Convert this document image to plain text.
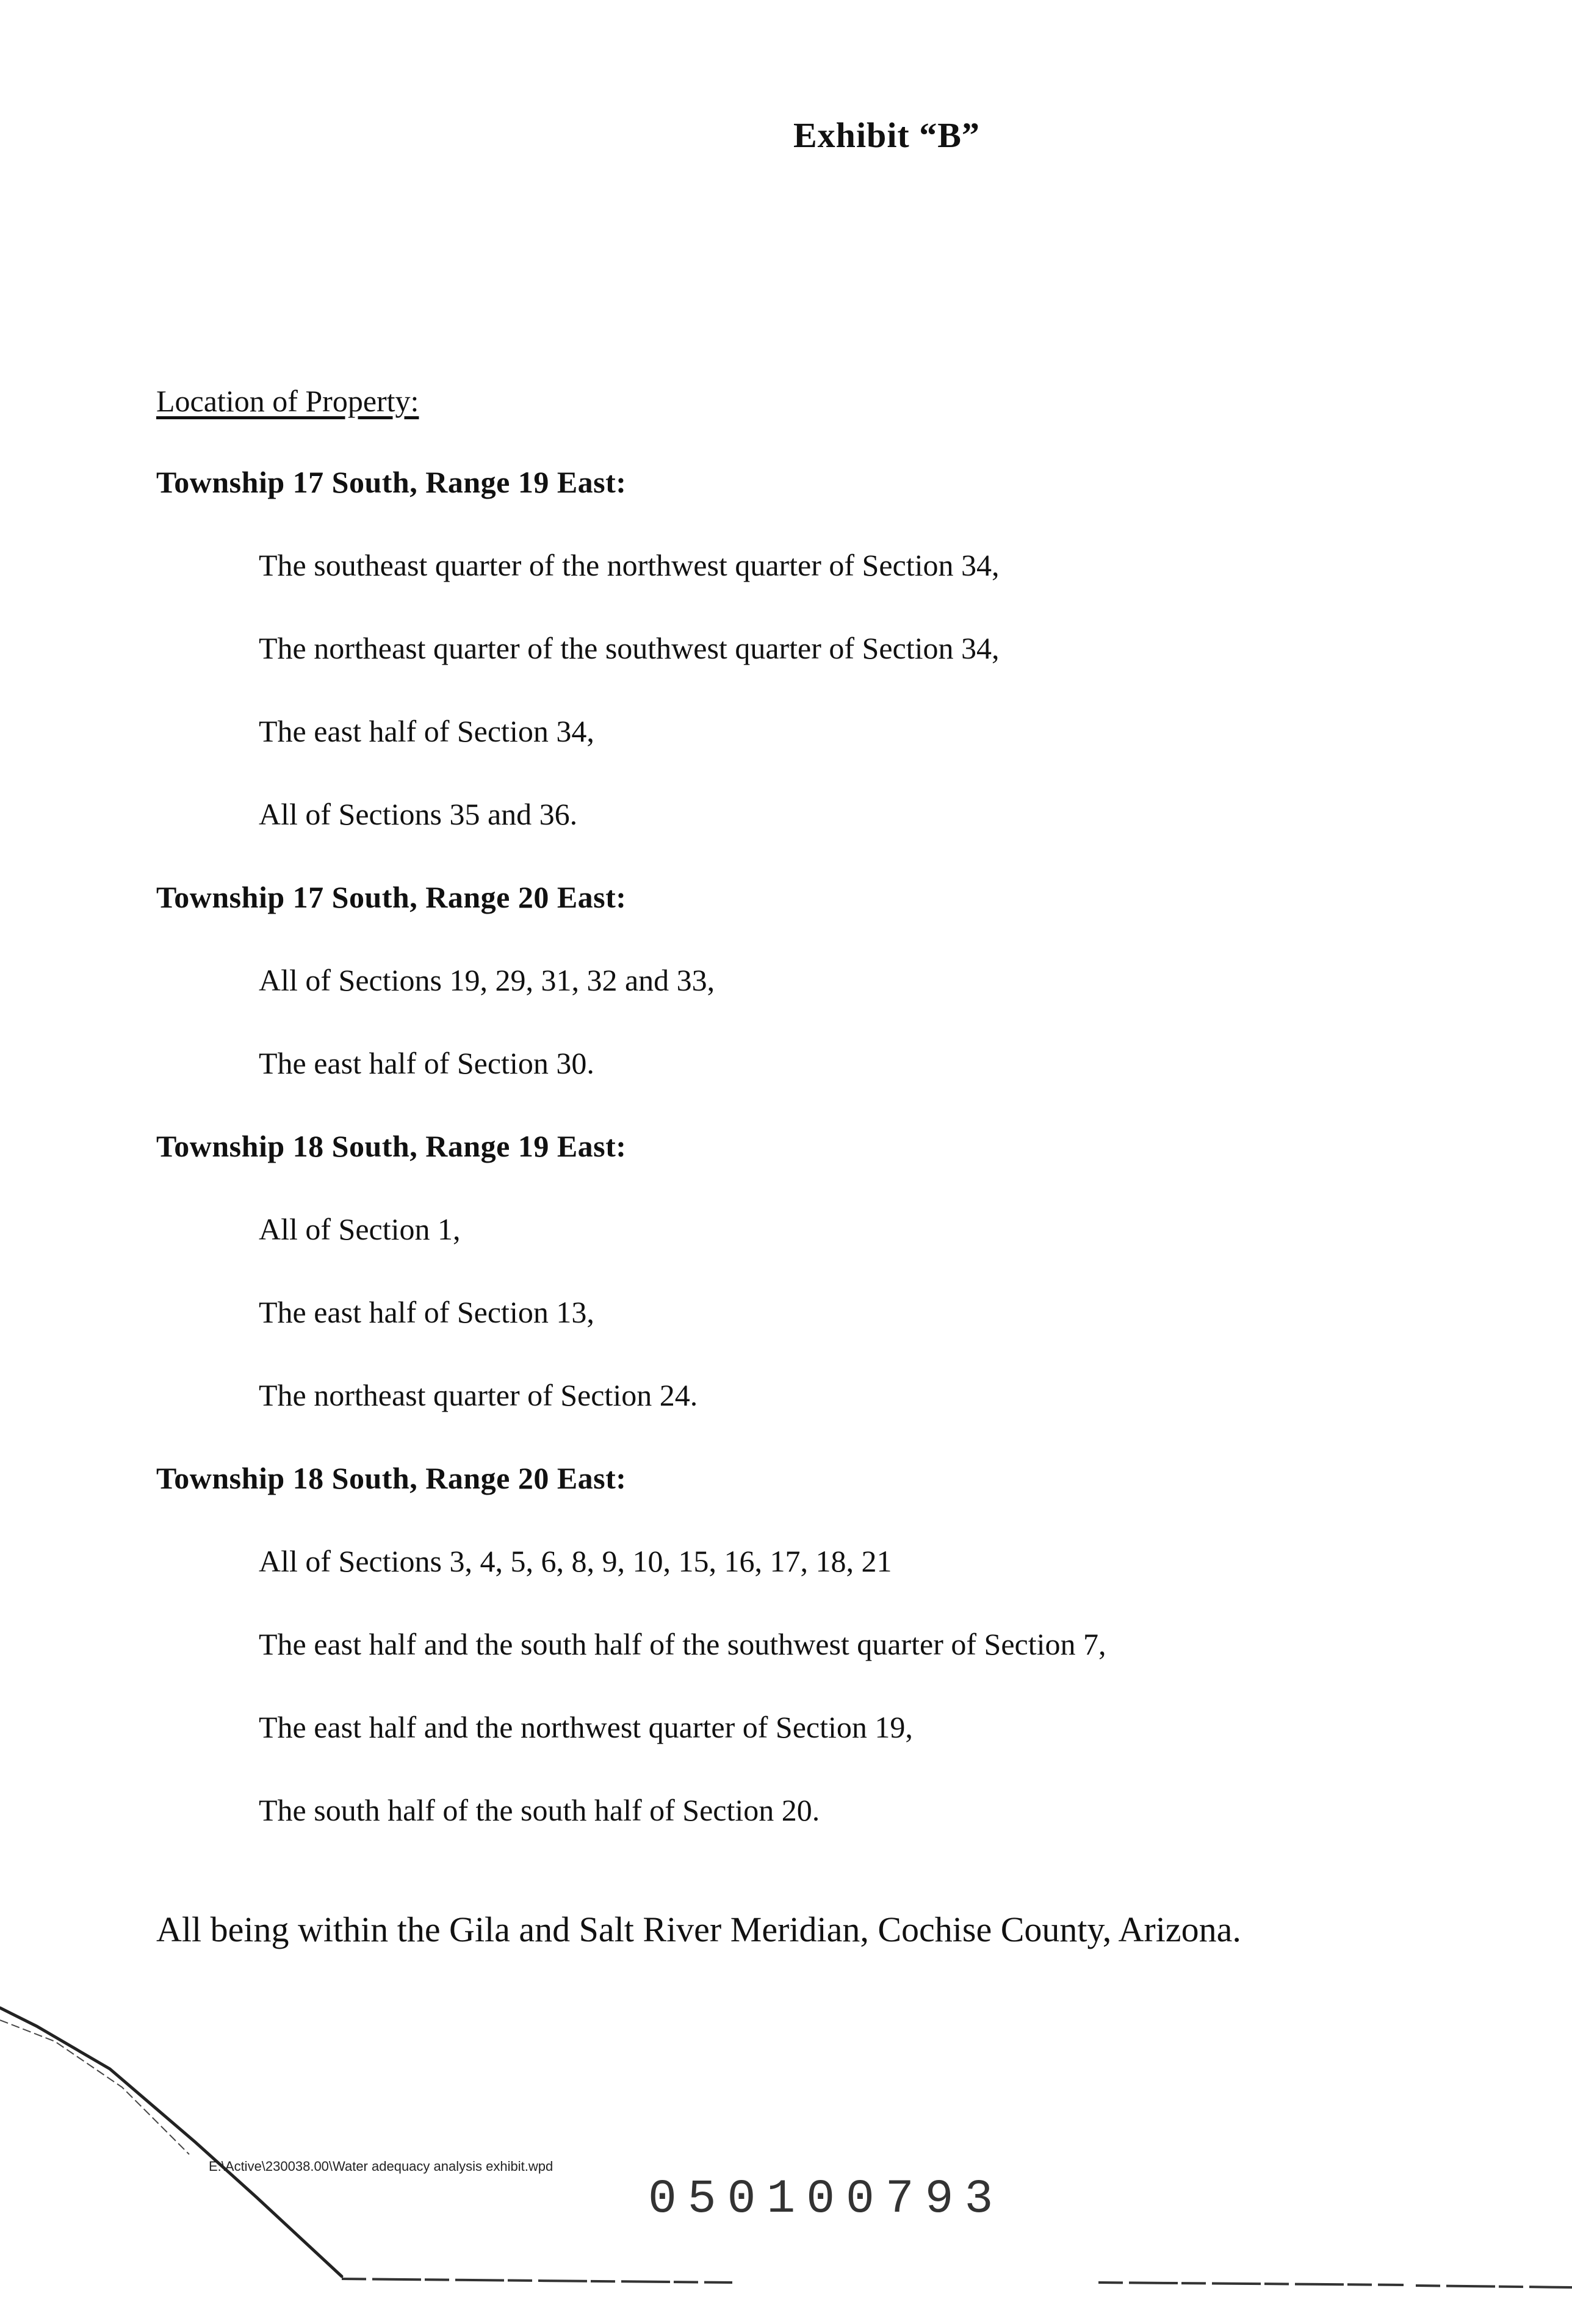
Exhibit “B”
Location of Property:
Township 17 South, Range 19 East:
The southeast quarter of the northwest quarter of Section 34,
The northeast quarter of the southwest quarter of Section 34,
The east half of Section 34,
All of Sections 35 and 36.
Township 17 South, Range 20 East:
All of Sections 19, 29, 31, 32 and 33,
The east half of Section 30.
Township 18 South, Range 19 East:
All of Section 1,
The east half of Section 13,
The northeast quarter of Section 24.
Township 18 South, Range 20 East:
All of Sections 3, 4, 5, 6, 8, 9, 10, 15, 16, 17, 18, 21
The east half and the south half of the southwest quarter of Section 7,
The east half and the northwest quarter of Section 19,
The south half of the south half of Section 20.
All being within the Gila and Salt River Meridian, Cochise County, Arizona.
E:\Active\230038.00\Water adequacy analysis exhibit.wpd
050100793
